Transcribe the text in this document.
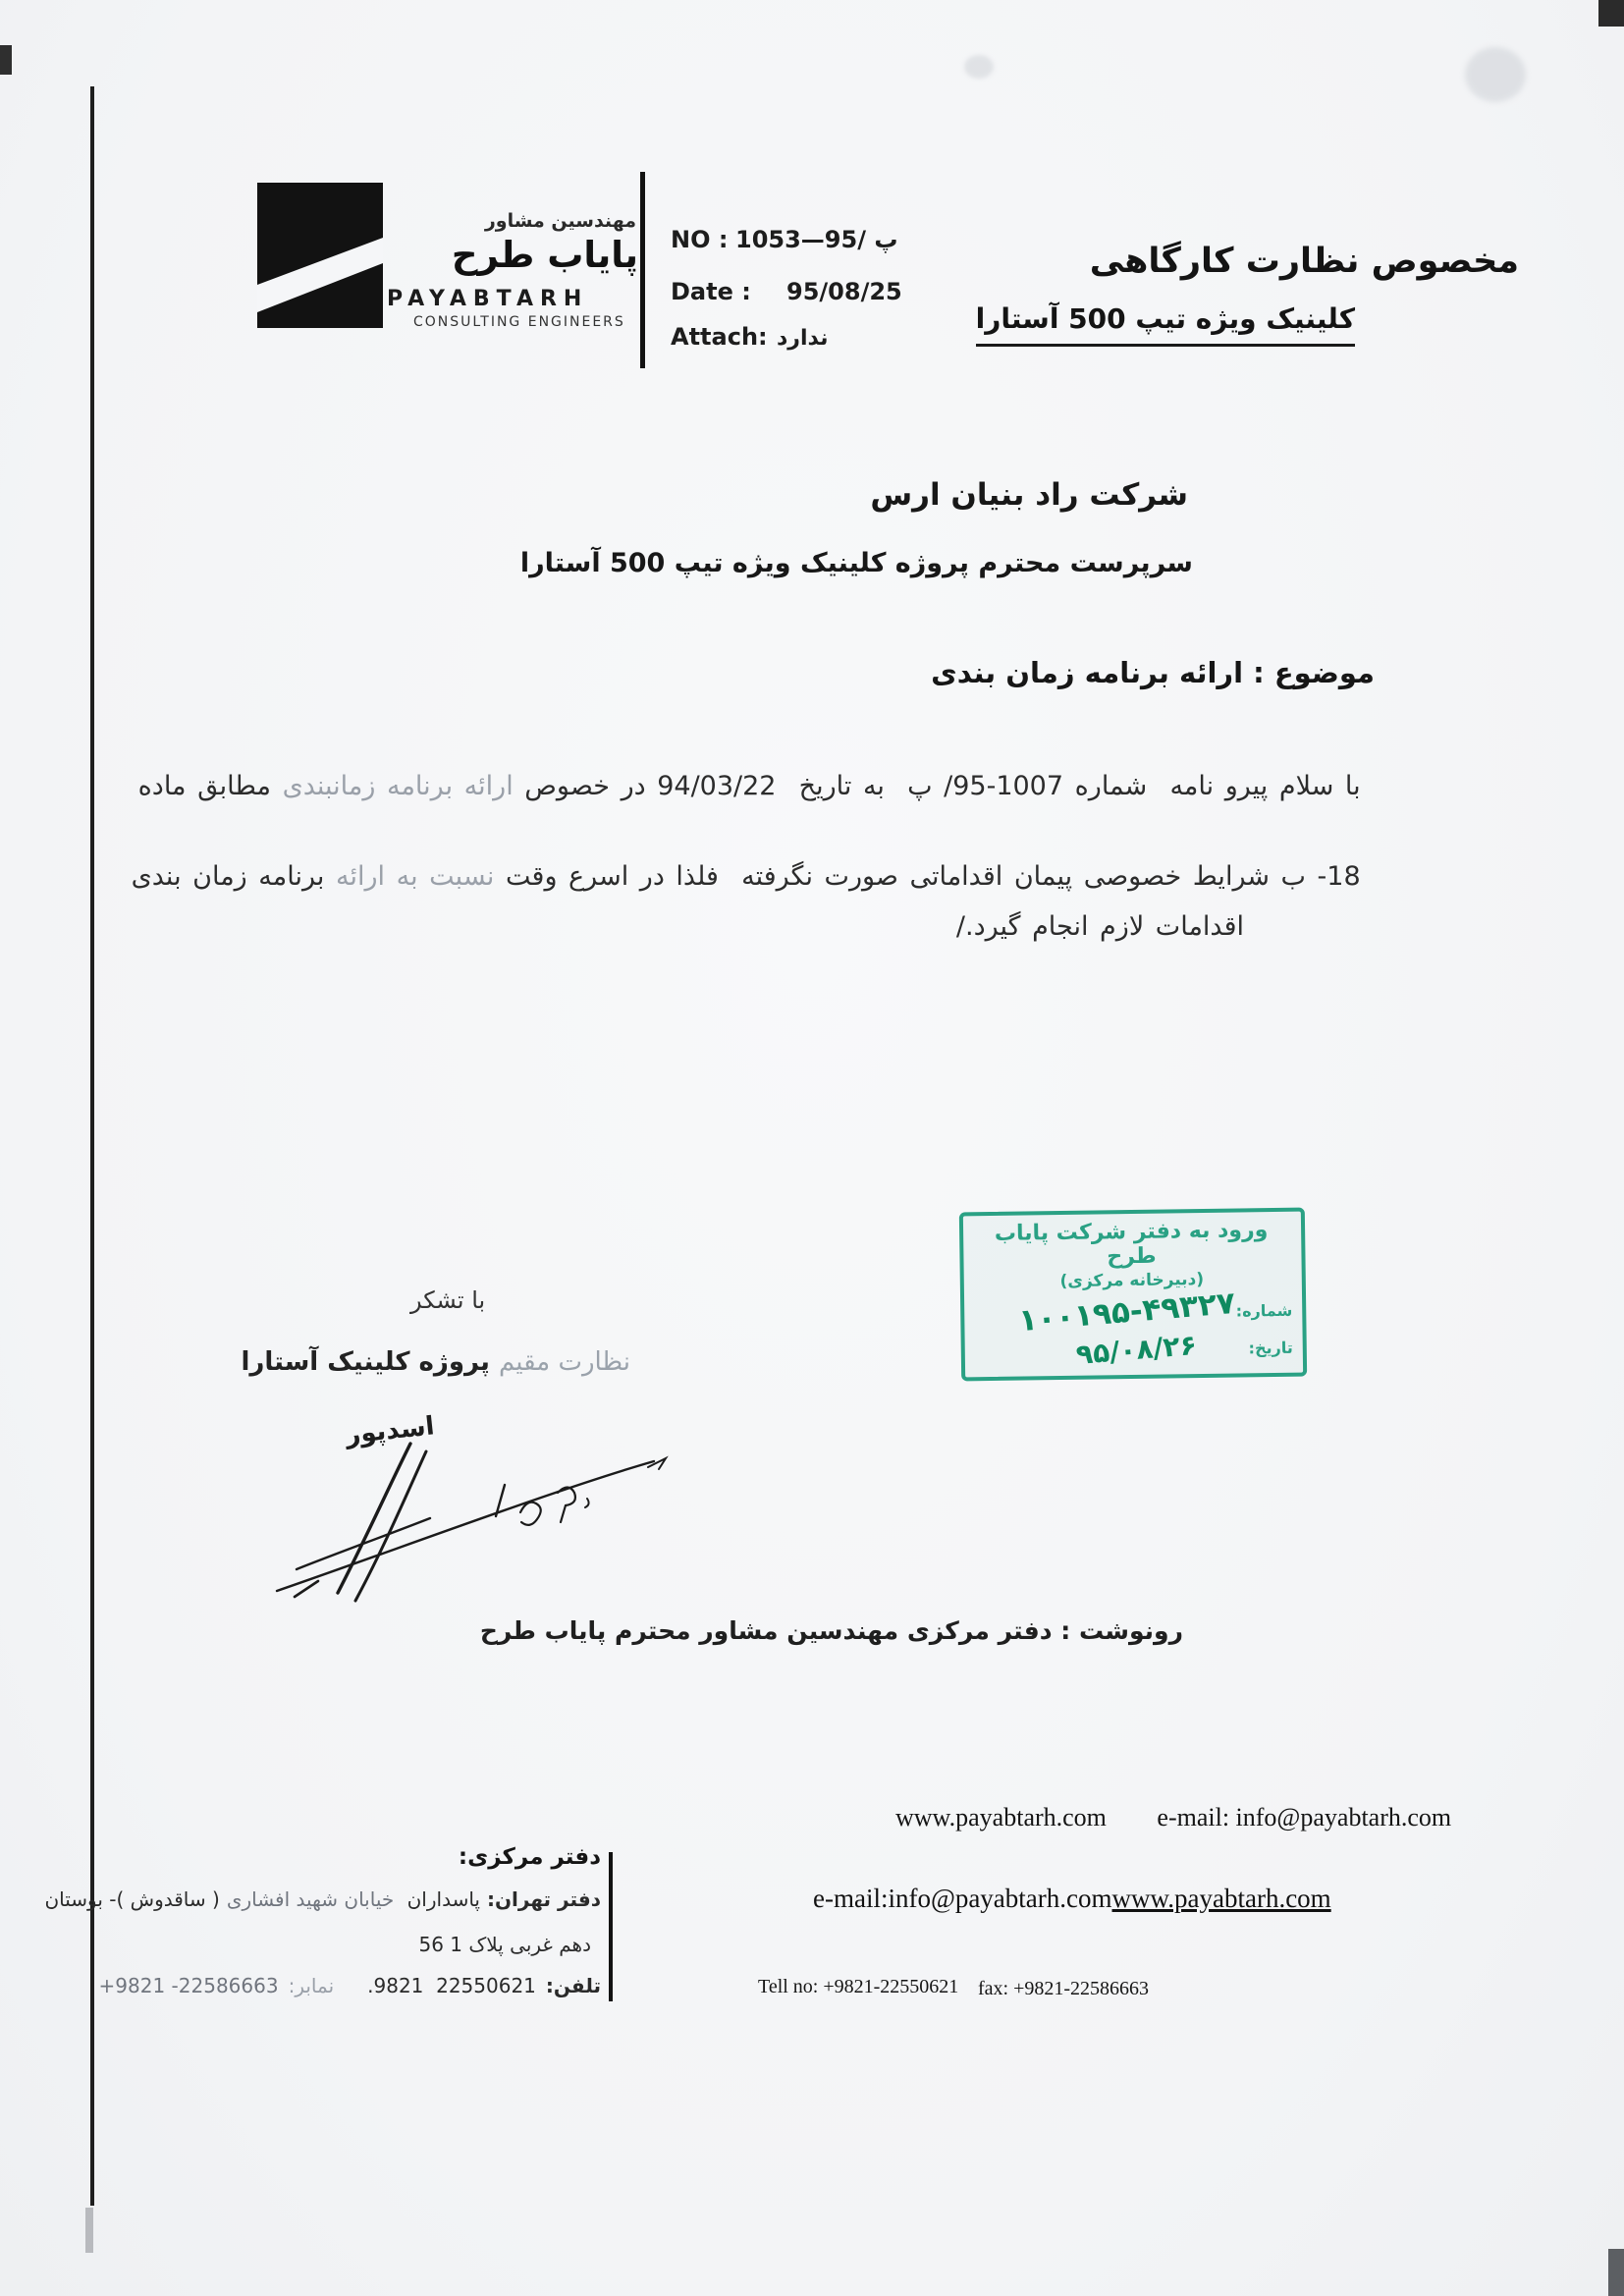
مهندسین مشاور
پایاب طرح
PAYABTARH
CONSULTING ENGINEERS
NO : پ /95—1053
Date :	95/08/25
Attach: ندارد
مخصوص نظارت کارگاهی
کلینیک ویژه تیپ 500 آستارا
شرکت راد بنیان ارس
سرپرست محترم پروژه کلینیک ویژه تیپ 500 آستارا
موضوع : ارائه برنامه زمان بندی

با سلام پیرو نامه  شماره 1007-95/ پ  به تاریخ  94/03/22 در خصوص ارائه برنامه زمانبندی مطابق ماده

18- ب شرایط خصوصی پیمان اقداماتی صورت نگرفته  فلذا در اسرع وقت نسبت به ارائه برنامه زمان بندی

اقدامات لازم انجام گیرد./
ورود به دفتر شرکت پایاب طرح
(دبیرخانه مرکزی)
شماره:
۱۰۰۱۹۵-۴۹۳۲۷
تاریخ:
۹۵/۰۸/۲۶
با تشکر
نظارت مقیم پروژه کلینیک آستارا
اسدپور
رونوشت : دفتر مرکزی مهندسین مشاور محترم پایاب طرح
www.payabtarh.com e-mail: info@payabtarh.com
e-mail:info@payabtarh.comwww.payabtarh.com
دفتر مرکزی:
دفتر تهران:
پاسداران
خیابان شهید افشاری
( ساقدوش )- بوستان
دهم غربی پلاک 1 56
تلفن:
.9821  22550621
نمابر:
+9821 -22586663	Tell no: +9821-22550621 fax: +9821-22586663
